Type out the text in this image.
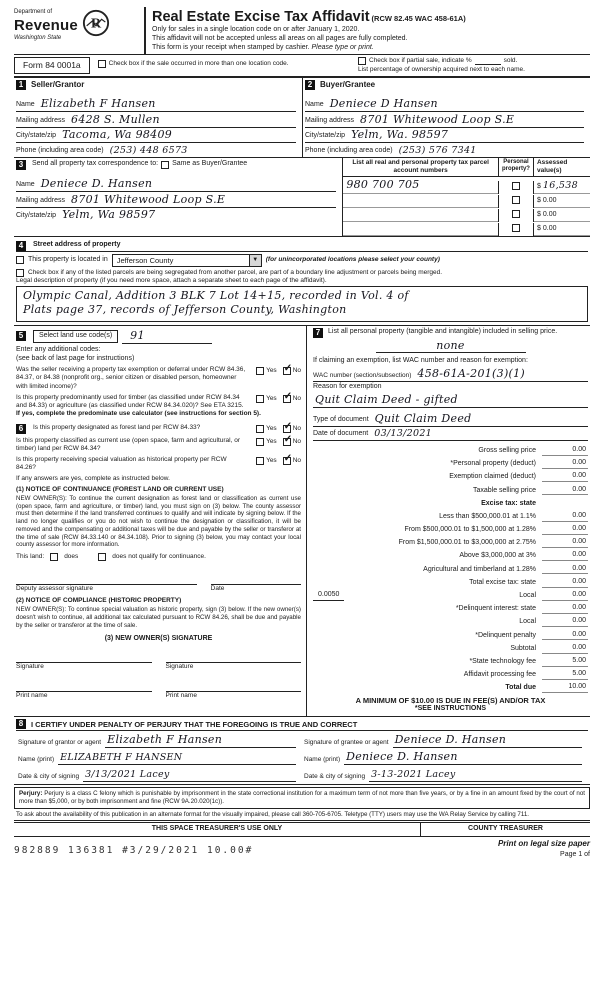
Department of
Revenue
Washington State
R	Real Estate Excise Tax Affidavit (RCW 82.45 WAC 458-61A)
Only for sales in a single location code on or after January 1, 2020.
This affidavit will not be accepted unless all areas on all pages are fully completed.
This form is your receipt when stamped by cashier. Please type or print.
Form 84 0001a	Check box if the sale occurred in more than one location code.	Check box if partial sale, indicate %	sold.
List percentage of ownership acquired next to each name.
1 Seller/Grantor
Name Elizabeth F Hansen
Mailing address 6428 S. Mullen
City/state/zip Tacoma, Wa 98409
Phone (including area code) (253) 448 6573
2 Buyer/Grantee
Name Deniece D Hansen
Mailing address 8701 Whitewood Loop S.E
City/state/zip Yelm, Wa. 98597
Phone (including area code) (253) 576 7341
3	Send all property tax correspondence to: Same as Buyer/Grantee
Name Deniece D. Hansen
Mailing address 8701 Whitewood Loop S.E
City/state/zip Yelm, Wa 98597
List all real and personal property tax parcel account numbers
Personal property?
Assessed value(s)
980 700 705	$ 16,538
$ 0.00
$ 0.00
$ 0.00
4	Street address of property
This property is located in	Jefferson County	▼	(for unincorporated locations please select your county)
Check box if any of the listed parcels are being segregated from another parcel, are part of a boundary line adjustment or parcels being merged.
Legal description of property (if you need more space, attach a separate sheet to each page of the affidavit).
Olympic Canal, Addition 3 BLK 7 Lot 14+15, recorded in Vol. 4 of
Plats page 37, records of Jefferson County, Washington
5	Select land use code(s)	91
Enter any additional codes:
(see back of last page for instructions)
Was the seller receiving a property tax exemption or deferral under RCW 84.36, 84.37, or 84.38 (nonprofit org., senior citizen or disabled person, homeowner with limited income)?
Yes ✓ No
Is this property predominantly used for timber (as classified under RCW 84.34 and 84.33) or agriculture (as classified under RCW 84.34.020)? See ETA 3215.
Yes ✓ No
If yes, complete the predominate use calculator (see instructions for section 5).
6	Is this property designated as forest land per RCW 84.33?	Yes ✓ No
Is this property classified as current use (open space, farm and agricultural, or timber) land per RCW 84.34?
Yes ✓ No
Is this property receiving special valuation as historical property per RCW 84.26?
Yes ✓ No
If any answers are yes, complete as instructed below.
(1) NOTICE OF CONTINUANCE (FOREST LAND OR CURRENT USE)
NEW OWNER(S): To continue the current designation as forest land or classification as current use (open space, farm and agriculture, or timber) land, you must sign on (3) below. The county assessor must then determine if the land transferred continues to qualify and will indicate by signing below. If the land no longer qualifies or you do not wish to continue the designation or classification, it will be removed and the compensating or additional taxes will be due and payable by the seller or transferor at the time of sale (RCW 84.33.140 or 84.34.108). Prior to signing (3) below, you may contact your local county assessor for more information.
This land:	does	does not qualify for continuance.
Deputy assessor signature	Date
(2) NOTICE OF COMPLIANCE (HISTORIC PROPERTY)
NEW OWNER(S): To continue special valuation as historic property, sign (3) below. If the new owner(s) doesn't wish to continue, all additional tax calculated pursuant to RCW 84.26, shall be due and payable by the seller or transferor at the time of sale.
(3) NEW OWNER(S) SIGNATURE
Signature	Signature
Print name	Print name
7	List all personal property (tangible and intangible) included in selling price.
none
If claiming an exemption, list WAC number and reason for exemption:
WAC number (section/subsection) 458-61A-201(3)(1)
Reason for exemption
Quit Claim Deed - gifted
Type of document Quit Claim Deed
Date of document 03/13/2021
Gross selling price	0.00
*Personal property (deduct)	0.00
Exemption claimed (deduct)	0.00
Taxable selling price	0.00
Excise tax: state
Less than $500,000.01 at 1.1%	0.00
From $500,000.01 to $1,500,000 at 1.28%	0.00
From $1,500,000.01 to $3,000,000 at 2.75%	0.00
Above $3,000,000 at 3%	0.00
Agricultural and timberland at 1.28%	0.00
Total excise tax: state	0.00
0.0050	Local	0.00
*Delinquent interest: state	0.00
Local	0.00
*Delinquent penalty	0.00
Subtotal	0.00
*State technology fee	5.00
Affidavit processing fee	5.00
Total due	10.00
A MINIMUM OF $10.00 IS DUE IN FEE(S) AND/OR TAX
*SEE INSTRUCTIONS
8	I CERTIFY UNDER PENALTY OF PERJURY THAT THE FOREGOING IS TRUE AND CORRECT
Signature of grantor or agent Elizabeth F Hansen	Signature of grantee or agent Deniece D. Hansen
Name (print) ELIZABETH F HANSEN	Name (print) Deniece D. Hansen
Date & city of signing 3/13/2021 Lacey	Date & city of signing 3-13-2021 Lacey
Perjury: Perjury is a class C felony which is punishable by imprisonment in the state correctional institution for a maximum term of not more than five years, or by a fine in an amount fixed by the court of not more than $5,000, or by both imprisonment and fine (RCW 9A.20.020(1c)).
To ask about the availability of this publication in an alternate format for the visually impaired, please call 360-705-6705. Teletype (TTY) users may use the WA Relay Service by calling 711.
THIS SPACE TREASURER'S USE ONLY	COUNTY TREASURER
982889 136381 #3/29/2021 10.00#
Print on legal size paper
Page 1 of
